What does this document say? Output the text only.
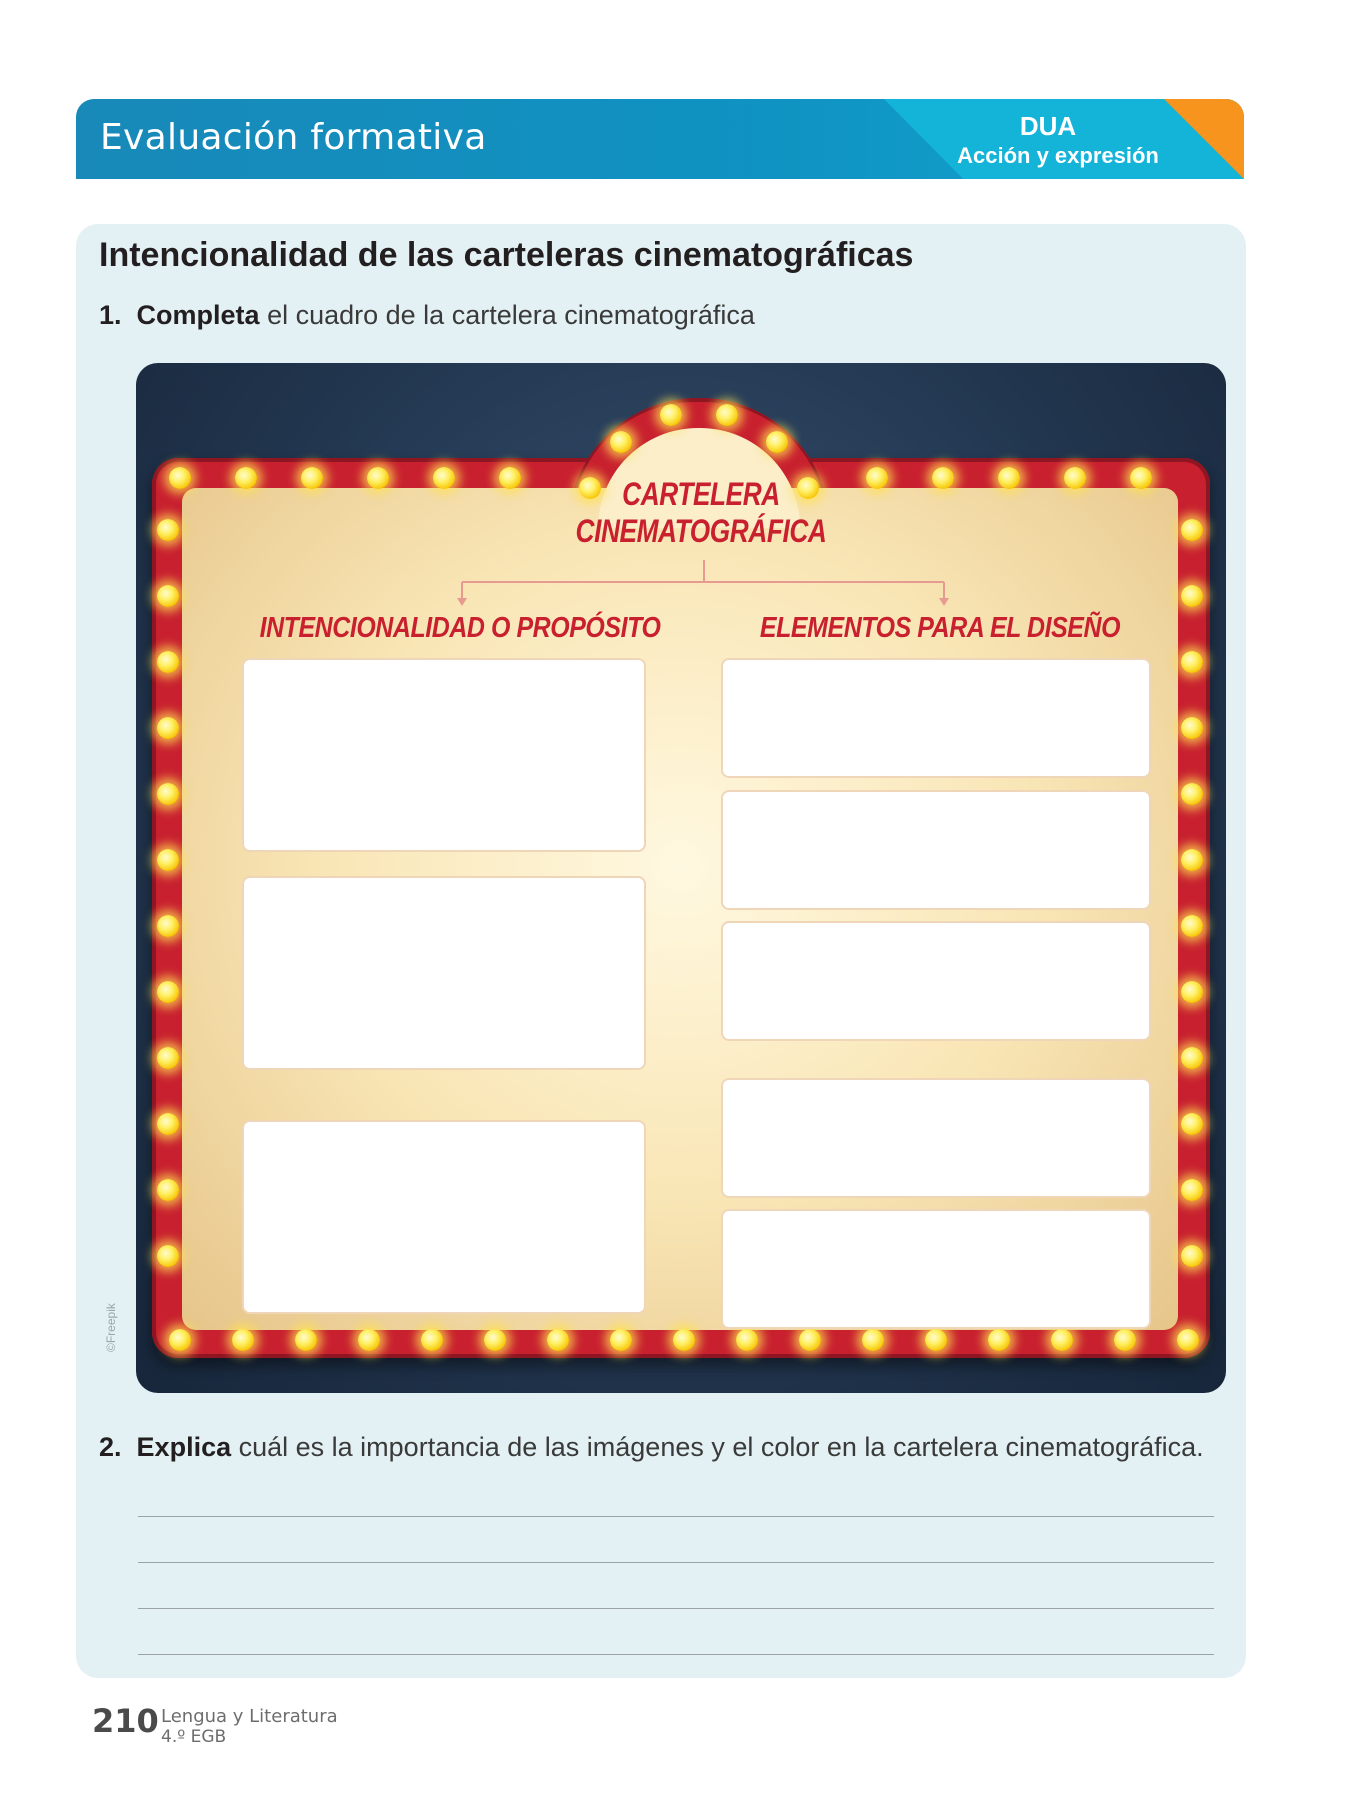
Evaluación formativa	DUA
Acción y expresión
Intencionalidad de las carteleras cinematográficas
1. Completa el cuadro de la cartelera cinematográfica
CARTELERA
CINEMATOGRÁFICA
INTENCIONALIDAD O PROPÓSITO	ELEMENTOS PARA EL DISEÑO
©Freepik
2. Explica cuál es la importancia de las imágenes y el color en la cartelera cinematográfica.
210 Lengua y Literatura
4.º EGB
